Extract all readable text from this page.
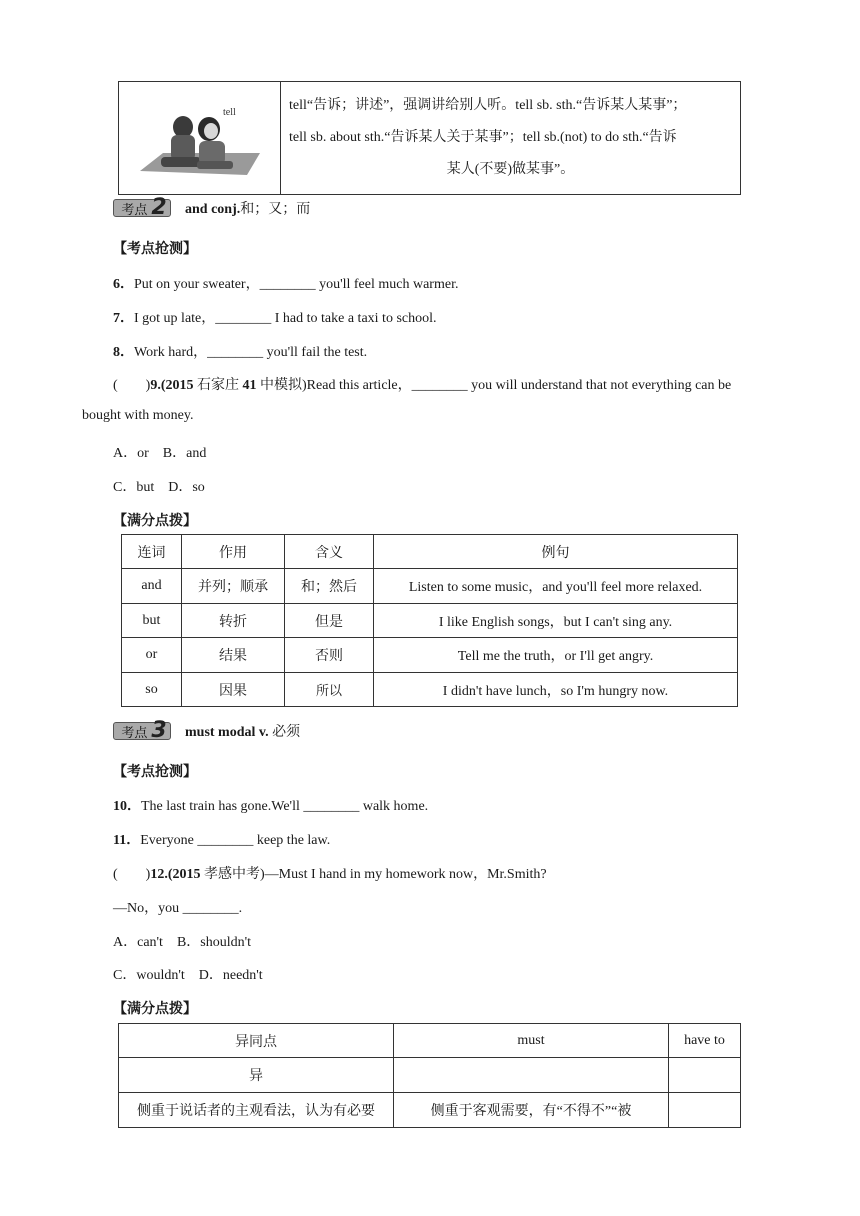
tell	tell“告诉；讲述”，强调讲给别人听。tell sb. sth.“告诉某人某事”；
tell sb. about sth.“告诉某人关于某事”；tell sb.(not) to do sth.“告诉
某人(不要)做某事”。
考点 2 and conj.和；又；而
【考点抢测】
6．Put on your sweater，________ you'll feel much warmer.
7．I got up late，________ I had to take a taxi to school.
8．Work hard，________ you'll fail the test.
(　　)9.(2015 石家庄 41 中模拟)Read this article，________ you will understand that not everything can be
bought with money.
A．or　B．and
C．but　D．so
【满分点拨】
连词	作用	含义	例句
and	并列；顺承	和；然后	Listen to some music，and you'll feel more relaxed.
but	转折	但是	I like English songs，but I can't sing any.
or	结果	否则	Tell me the truth，or I'll get angry.
so	因果	所以	I didn't have lunch，so I'm hungry now.
考点 3 must modal v. 必须
【考点抢测】
10．The last train has gone.We'll ________ walk home.
11．Everyone ________ keep the law.
(　　)12.(2015 孝感中考)—Must I hand in my homework now，Mr.Smith?
—No，you ________.
A．can't　B．shouldn't
C．wouldn't　D．needn't
【满分点拨】
异同点	must	have to
异		
侧重于说话者的主观看法，认为有必要	侧重于客观需要，有“不得不”“被	
